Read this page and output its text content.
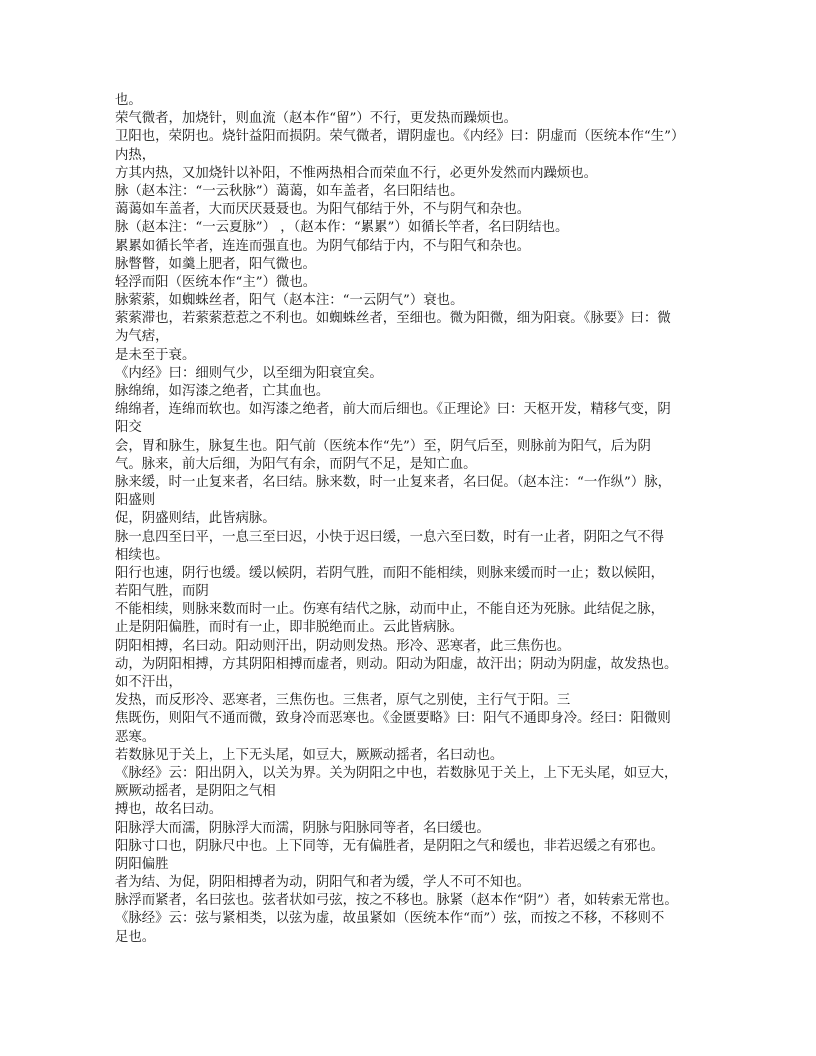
也。
荣气微者，加烧针，则血流（赵本作“留”）不行，更发热而躁烦也。
卫阳也，荣阴也。烧针益阳而损阴。荣气微者，谓阴虚也。《内经》曰：阴虚而（医统本作“生”）
内热，
方其内热，又加烧针以补阳，不惟两热相合而荣血不行，必更外发然而内躁烦也。
脉（赵本注：“一云秋脉”）蔼蔼，如车盖者，名曰阳结也。
蔼蔼如车盖者，大而厌厌聂聂也。为阳气郁结于外，不与阴气和杂也。
脉（赵本注：“一云夏脉”） ，（赵本作：“累累”）如循长竿者，名曰阴结也。
累累如循长竿者，连连而强直也。为阴气郁结于内，不与阳气和杂也。
脉瞥瞥，如羹上肥者，阳气微也。
轻浮而阳（医统本作“主”）微也。
脉萦萦，如蜘蛛丝者，阳气（赵本注：“一云阴气”）衰也。
萦萦滞也，若萦萦惹惹之不利也。如蜘蛛丝者，至细也。微为阳微，细为阳衰。《脉要》曰：微
为气痞，
是未至于衰。
《内经》曰：细则气少，以至细为阳衰宜矣。
脉绵绵，如泻漆之绝者，亡其血也。
绵绵者，连绵而软也。如泻漆之绝者，前大而后细也。《正理论》曰：天枢开发，精移气变，阴
阳交
会，胃和脉生，脉复生也。阳气前（医统本作“先”）至，阴气后至，则脉前为阳气，后为阴
气。脉来，前大后细，为阳气有余，而阴气不足，是知亡血。
脉来缓，时一止复来者，名曰结。脉来数，时一止复来者，名曰促。（赵本注：“一作纵”）脉，
阳盛则
促，阴盛则结，此皆病脉。
脉一息四至曰平，一息三至曰迟，小快于迟曰缓，一息六至曰数，时有一止者，阴阳之气不得
相续也。
阳行也速，阴行也缓。缓以候阴，若阴气胜，而阳不能相续，则脉来缓而时一止；数以候阳，
若阳气胜，而阴
不能相续，则脉来数而时一止。伤寒有结代之脉，动而中止，不能自还为死脉。此结促之脉，
止是阴阳偏胜，而时有一止，即非脱绝而止。云此皆病脉。
阴阳相搏，名曰动。阳动则汗出，阴动则发热。形冷、恶寒者，此三焦伤也。
动，为阴阳相搏，方其阴阳相搏而虚者，则动。阳动为阳虚，故汗出；阴动为阴虚，故发热也。
如不汗出，
发热，而反形冷、恶寒者，三焦伤也。三焦者，原气之别使，主行气于阳。三
焦既伤，则阳气不通而微，致身冷而恶寒也。《金匮要略》曰：阳气不通即身冷。经曰：阳微则
恶寒。
若数脉见于关上，上下无头尾，如豆大，厥厥动摇者，名曰动也。
《脉经》云：阳出阴入，以关为界。关为阴阳之中也，若数脉见于关上，上下无头尾，如豆大，
厥厥动摇者，是阴阳之气相
搏也，故名曰动。
阳脉浮大而濡，阴脉浮大而濡，阴脉与阳脉同等者，名曰缓也。
阳脉寸口也，阴脉尺中也。上下同等，无有偏胜者，是阴阳之气和缓也，非若迟缓之有邪也。
阴阳偏胜
者为结、为促，阴阳相搏者为动，阴阳气和者为缓，学人不可不知也。
脉浮而紧者，名曰弦也。弦者状如弓弦，按之不移也。脉紧（赵本作“阴”）者，如转索无常也。
《脉经》云：弦与紧相类，以弦为虚，故虽紧如（医统本作“而”）弦，而按之不移，不移则不
足也。
